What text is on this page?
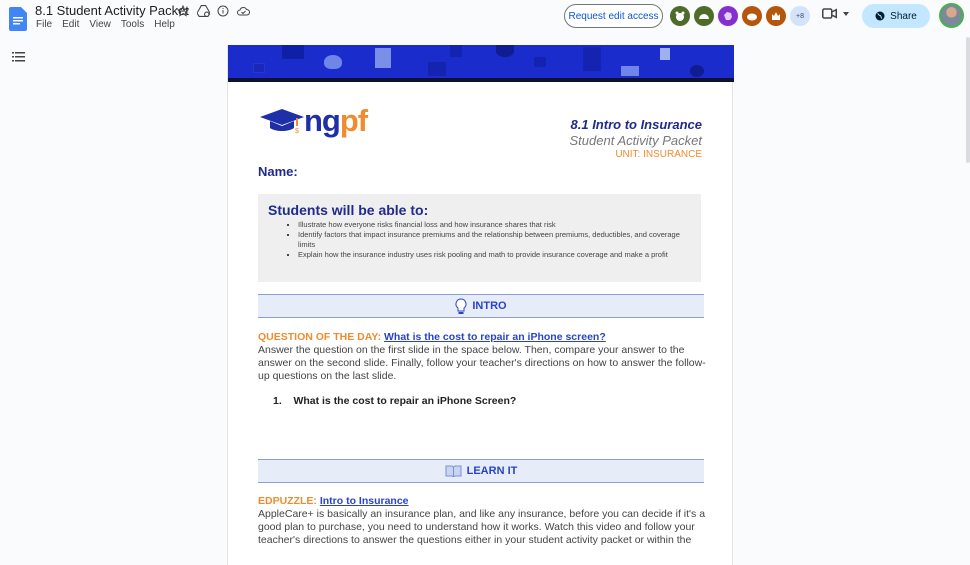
8.1 Student Activity Packet
File Edit View Tools Help
Request edit access	+8	Share
$ ngpf	8.1 Intro to Insurance
Student Activity Packet
UNIT: INSURANCE
Name:
Students will be able to:
▪ Illustrate how everyone risks financial loss and how insurance shares that risk
▪ Identify factors that impact insurance premiums and the relationship between premiums, deductibles, and coverage limits
▪ Explain how the insurance industry uses risk pooling and math to provide insurance coverage and make a profit
INTRO
QUESTION OF THE DAY: What is the cost to repair an iPhone screen?
Answer the question on the first slide in the space below. Then, compare your answer to the answer on the second slide. Finally, follow your teacher's directions on how to answer the follow-up questions on the last slide.
1. What is the cost to repair an iPhone Screen?
LEARN IT
EDPUZZLE: Intro to Insurance
AppleCare+ is basically an insurance plan, and like any insurance, before you can decide if it's a good plan to purchase, you need to understand how it works. Watch this video and follow your teacher's directions to answer the questions either in your student activity packet or within the
